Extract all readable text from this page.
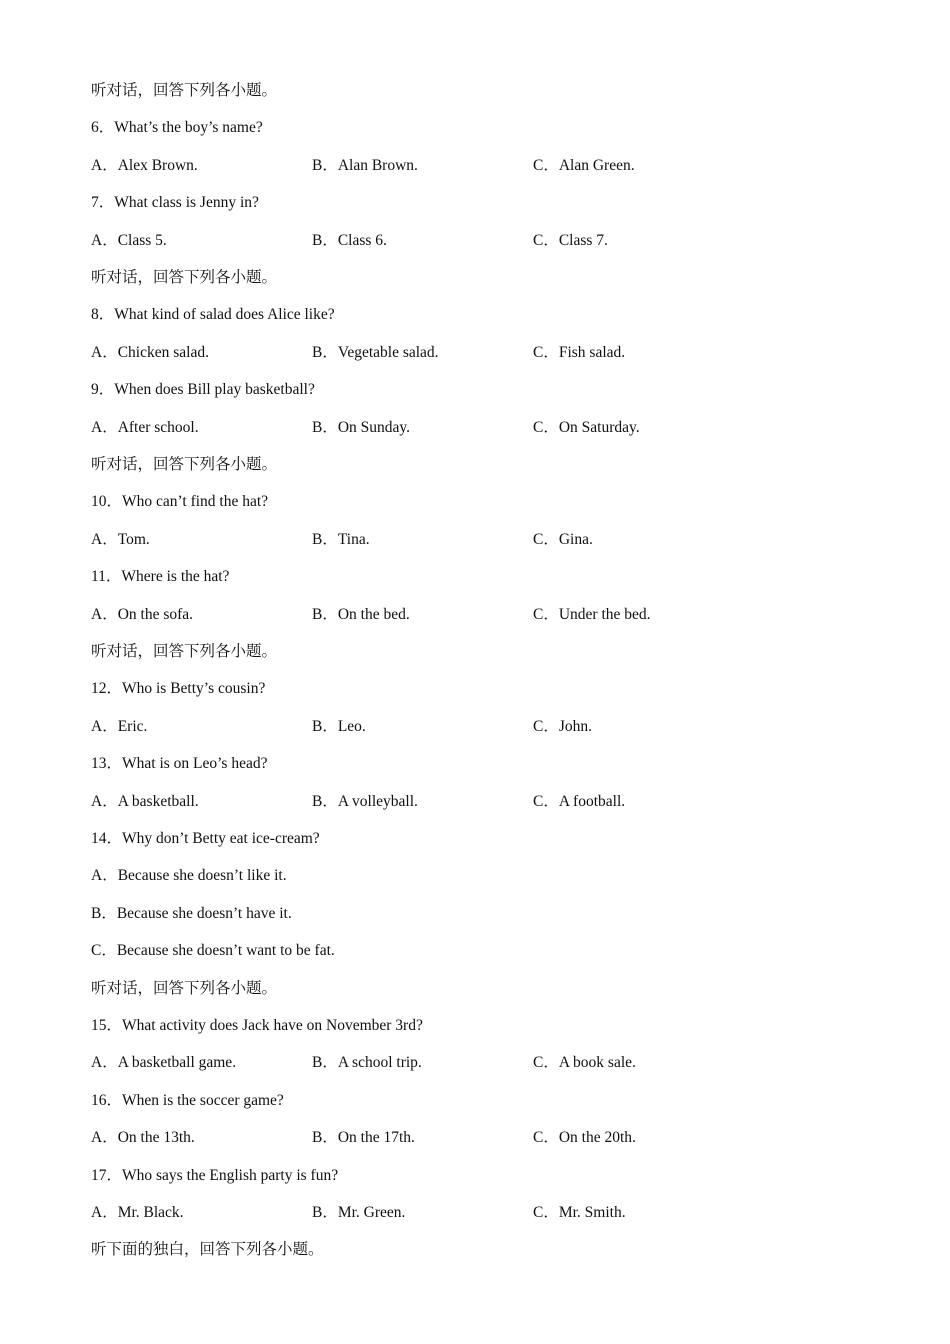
听对话，回答下列各小题。
6．What’s the boy’s name?
A．Alex Brown.	B．Alan Brown.	C．Alan Green.
7．What class is Jenny in?
A．Class 5.	B．Class 6.	C．Class 7.
听对话，回答下列各小题。
8．What kind of salad does Alice like?
A．Chicken salad.	B．Vegetable salad.	C．Fish salad.
9．When does Bill play basketball?
A．After school.	B．On Sunday.	C．On Saturday.
听对话，回答下列各小题。
10．Who can’t find the hat?
A．Tom.	B．Tina.	C．Gina.
11．Where is the hat?
A．On the sofa.	B．On the bed.	C．Under the bed.
听对话，回答下列各小题。
12．Who is Betty’s cousin?
A．Eric.	B．Leo.	C．John.
13．What is on Leo’s head?
A．A basketball.	B．A volleyball.	C．A football.
14．Why don’t Betty eat ice-cream?
A．Because she doesn’t like it.
B．Because she doesn’t have it.
C．Because she doesn’t want to be fat.
听对话，回答下列各小题。
15．What activity does Jack have on November 3rd?
A．A basketball game.	B．A school trip.	C．A book sale.
16．When is the soccer game?
A．On the 13th.	B．On the 17th.	C．On the 20th.
17．Who says the English party is fun?
A．Mr. Black.	B．Mr. Green.	C．Mr. Smith.
听下面的独白，回答下列各小题。
